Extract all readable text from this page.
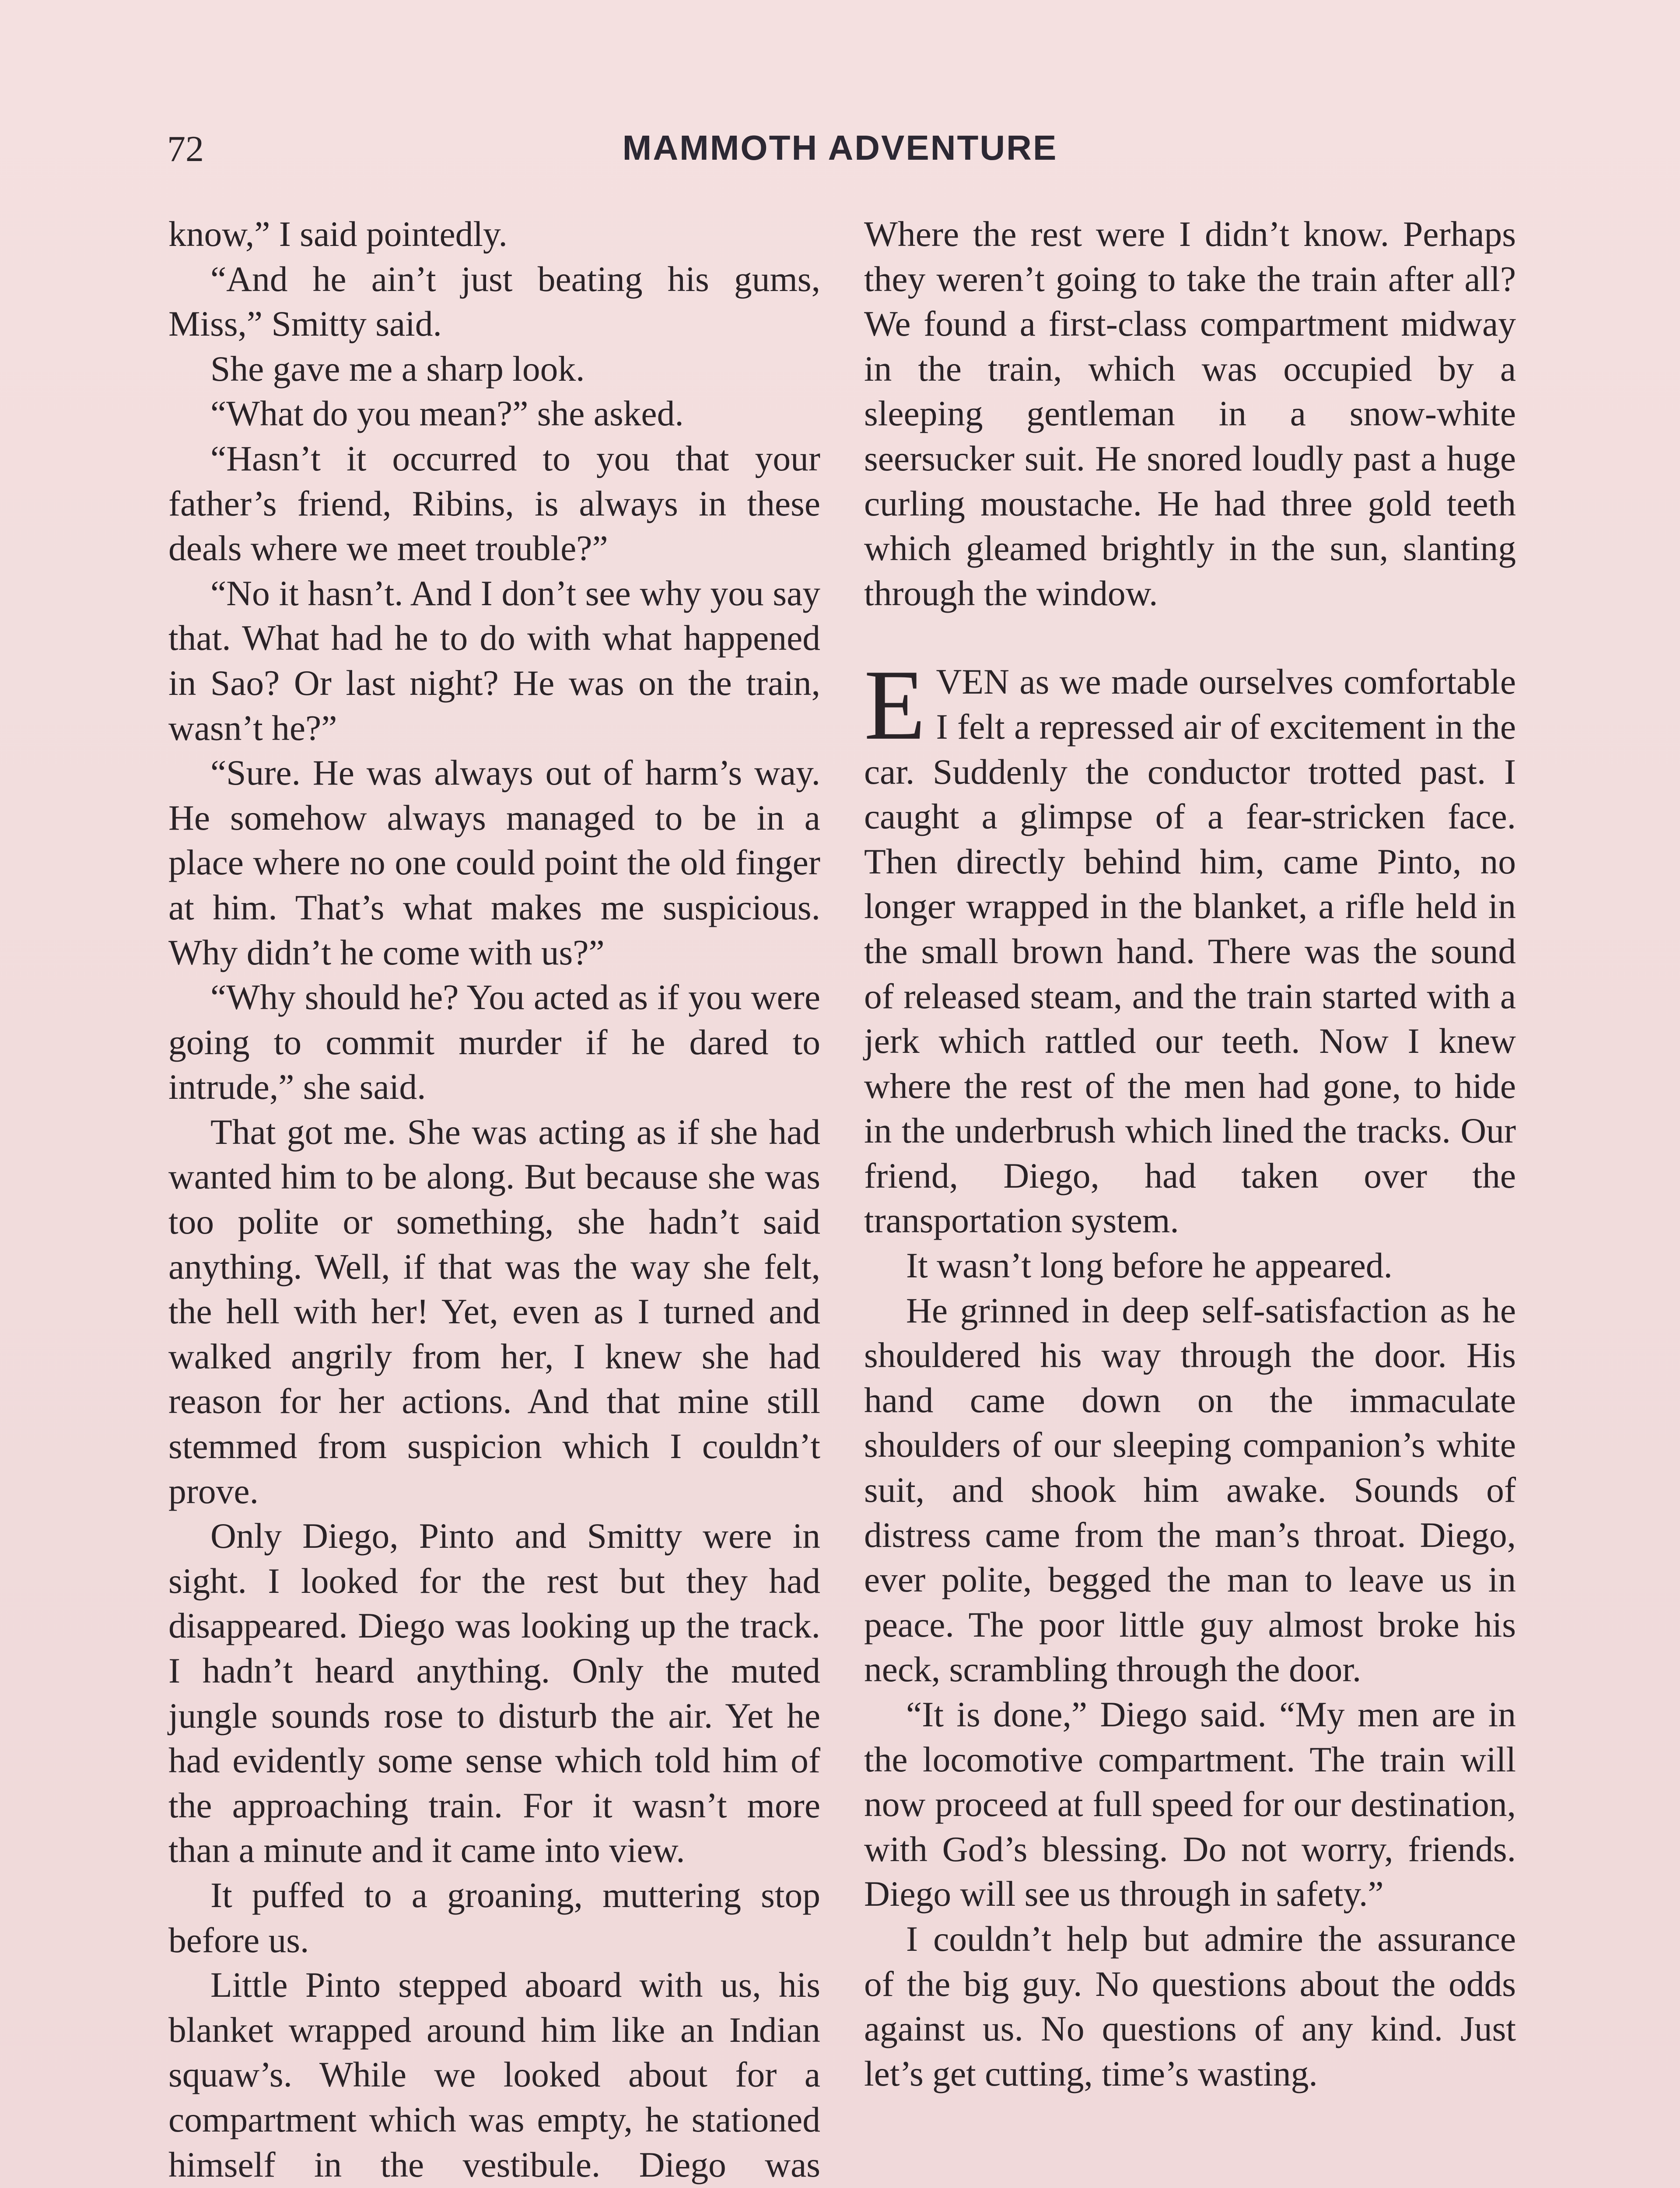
72	MAMMOTH ADVENTURE

know,” I said pointedly.

“And he ain’t just beating his gums, Miss,” Smitty said.

She gave me a sharp look.

“What do you mean?” she asked.

“Hasn’t it occurred to you that your father’s friend, Ribins, is always in these deals where we meet trouble?”

“No it hasn’t. And I don’t see why you say that. What had he to do with what happened in Sao? Or last night? He was on the train, wasn’t he?”

“Sure. He was always out of harm’s way. He somehow always managed to be in a place where no one could point the old finger at him. That’s what makes me suspicious. Why didn’t he come with us?”

“Why should he? You acted as if you were going to commit murder if he dared to intrude,” she said.

That got me. She was acting as if she had wanted him to be along. But because she was too polite or something, she hadn’t said anything. Well, if that was the way she felt, the hell with her! Yet, even as I turned and walked angrily from her, I knew she had reason for her actions. And that mine still stemmed from suspicion which I couldn’t prove.

Only Diego, Pinto and Smitty were in sight. I looked for the rest but they had disappeared. Diego was looking up the track. I hadn’t heard anything. Only the muted jungle sounds rose to disturb the air. Yet he had evidently some sense which told him of the approaching train. For it wasn’t more than a minute and it came into view.

It puffed to a groaning, muttering stop before us.

Little Pinto stepped aboard with us, his blanket wrapped around him like an Indian squaw’s. While we looked about for a compartment which was empty, he stationed himself in the vestibule. Diego was

Where the rest were I didn’t know. Perhaps they weren’t going to take the train after all? We found a first-class compartment midway in the train, which was occupied by a sleeping gentleman in a snow-white seersucker suit. He snored loudly past a huge curling moustache. He had three gold teeth which gleamed brightly in the sun, slanting through the window.

EVEN as we made ourselves comfortable I felt a repressed air of excitement in the car. Suddenly the conductor trotted past. I caught a glimpse of a fear-stricken face. Then directly behind him, came Pinto, no longer wrapped in the blanket, a rifle held in the small brown hand. There was the sound of released steam, and the train started with a jerk which rattled our teeth. Now I knew where the rest of the men had gone, to hide in the underbrush which lined the tracks. Our friend, Diego, had taken over the transportation system.

It wasn’t long before he appeared.

He grinned in deep self-satisfaction as he shouldered his way through the door. His hand came down on the immaculate shoulders of our sleeping companion’s white suit, and shook him awake. Sounds of distress came from the man’s throat. Diego, ever polite, begged the man to leave us in peace. The poor little guy almost broke his neck, scrambling through the door.

“It is done,” Diego said. “My men are in the locomotive compartment. The train will now proceed at full speed for our destination, with God’s blessing. Do not worry, friends. Diego will see us through in safety.”

I couldn’t help but admire the assurance of the big guy. No questions about the odds against us. No questions of any kind. Just let’s get cutting, time’s wasting.
